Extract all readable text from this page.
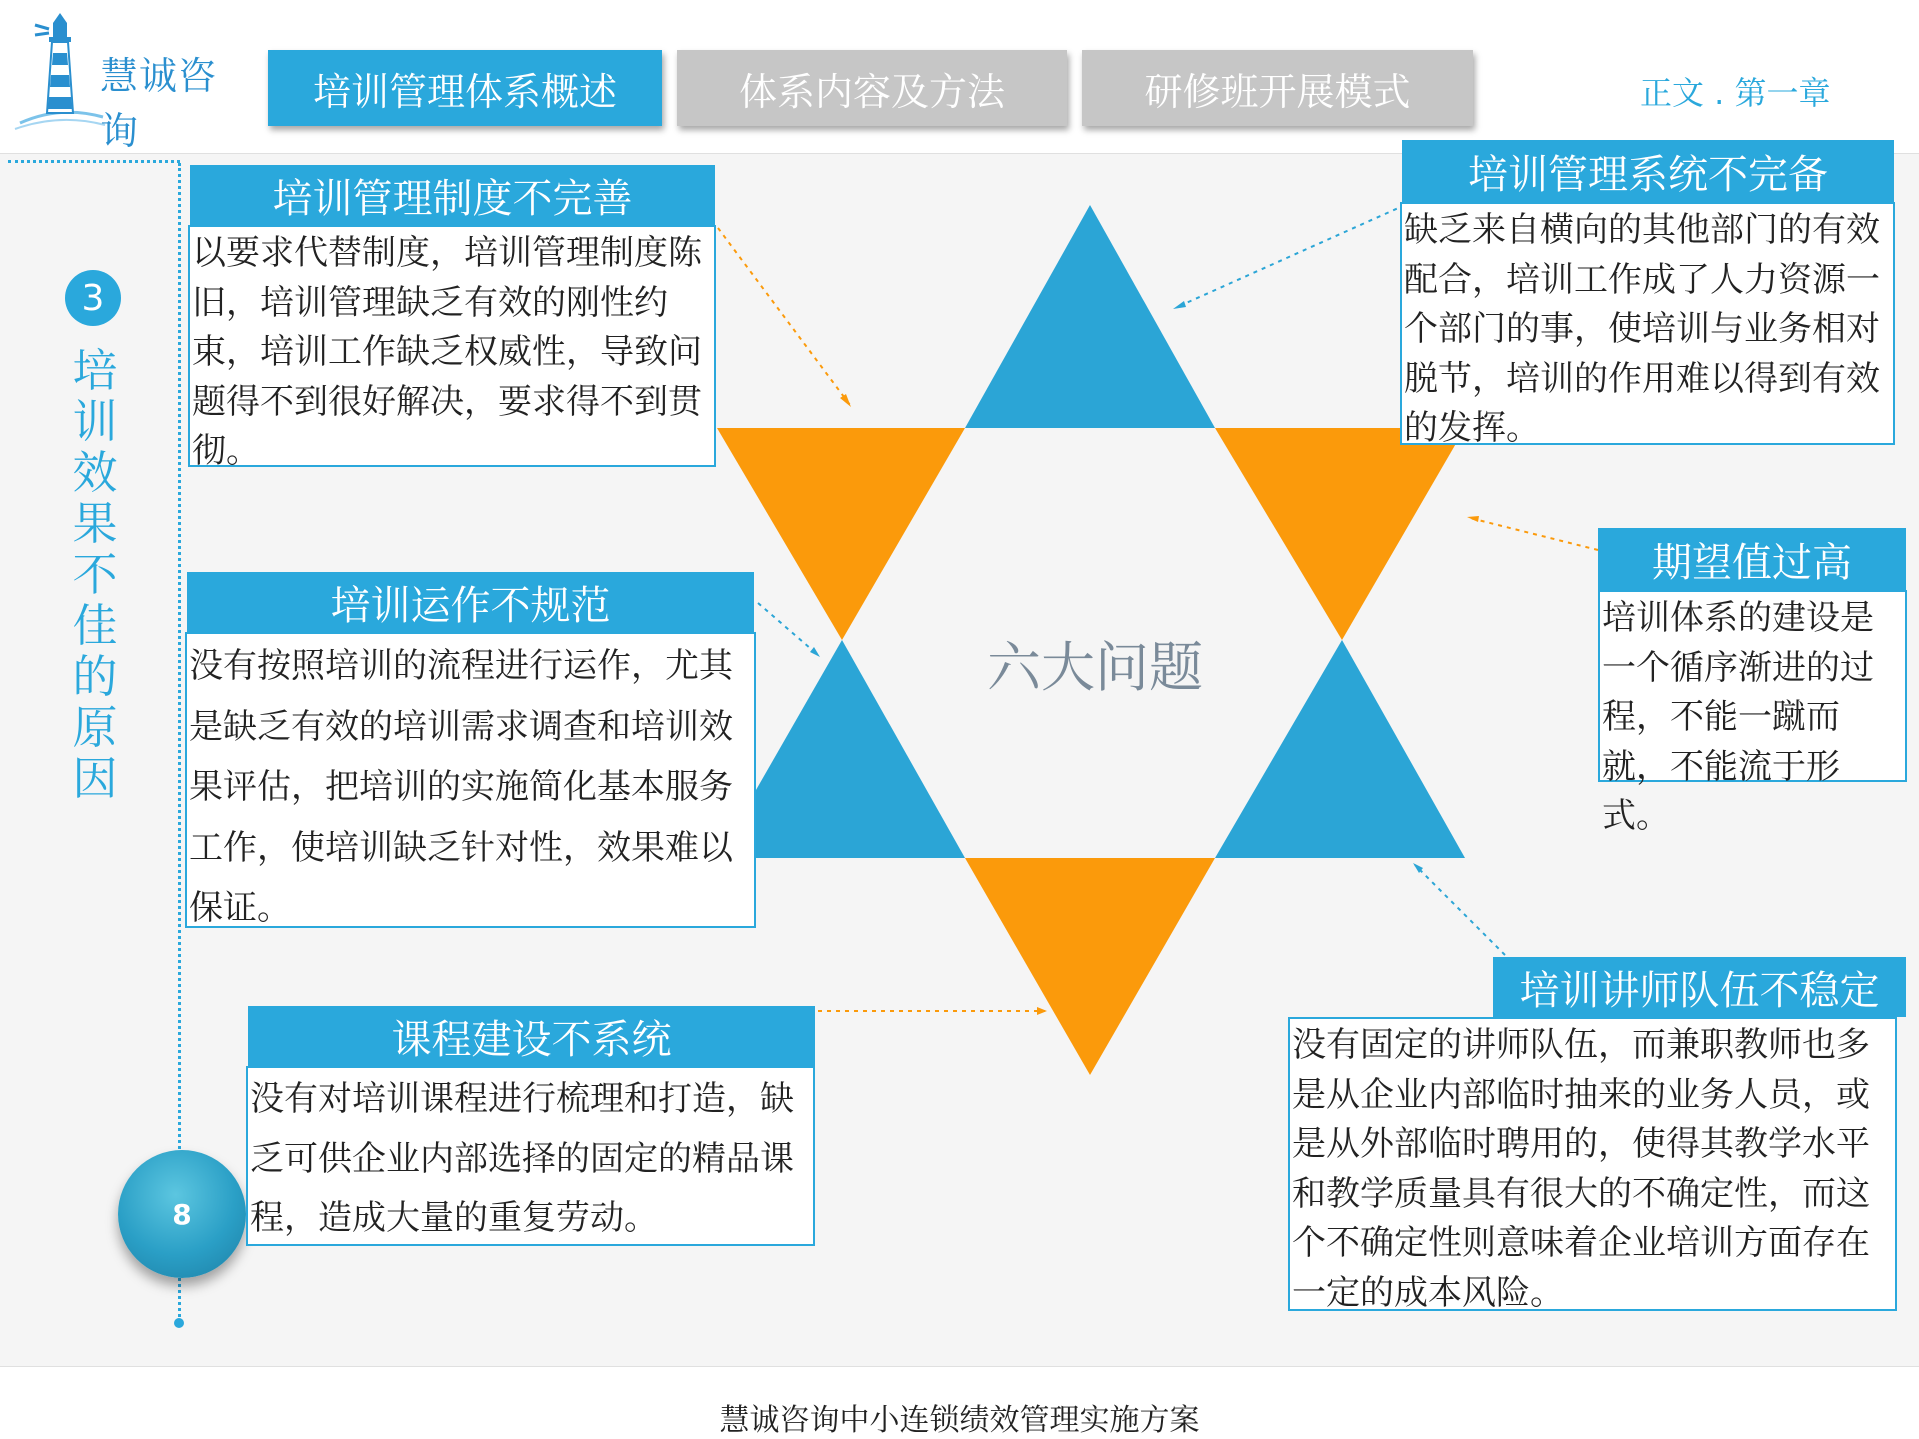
慧诚咨询
培训管理体系概述	体系内容及方法	研修班开展模式	正文 . 第一章
3
培训效果不佳的原因
8
六大问题
培训管理制度不完善
以要求代替制度，培训管理制度陈旧，培训管理缺乏有效的刚性约束，培训工作缺乏权威性，导致问题得不到很好解决，要求得不到贯彻。
培训管理系统不完备
缺乏来自横向的其他部门的有效配合，培训工作成了人力资源一个部门的事，使培训与业务相对脱节，培训的作用难以得到有效的发挥。
培训运作不规范
没有按照培训的流程进行运作，尤其是缺乏有效的培训需求调查和培训效果评估，把培训的实施简化基本服务工作，使培训缺乏针对性，效果难以保证。
期望值过高
培训体系的建设是一个循序渐进的过程，不能一蹴而就，不能流于形式。
课程建设不系统
没有对培训课程进行梳理和打造，缺乏可供企业内部选择的固定的精品课程，造成大量的重复劳动。
培训讲师队伍不稳定
没有固定的讲师队伍，而兼职教师也多是从企业内部临时抽来的业务人员，或是从外部临时聘用的，使得其教学水平和教学质量具有很大的不确定性，而这个不确定性则意味着企业培训方面存在一定的成本风险。
慧诚咨询中小连锁绩效管理实施方案
